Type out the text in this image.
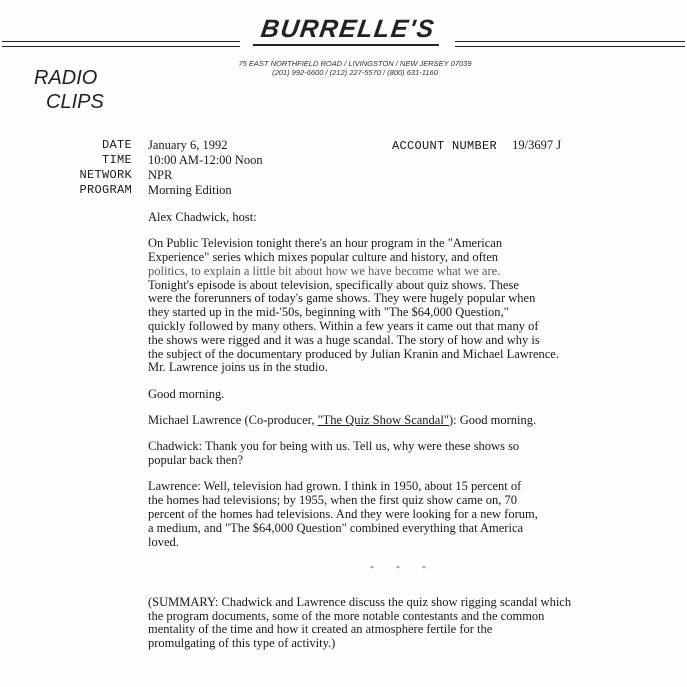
BURRELLE'S
75 EAST NORTHFIELD ROAD / LIVINGSTON / NEW JERSEY 07039
(201) 992-6600 / (212) 227-5570 / (800) 631-1160
RADIO
CLIPS
DATE January 6, 1992
TIME 10:00 AM-12:00 Noon
NETWORK NPR
PROGRAM Morning Edition
ACCOUNT NUMBER 19/3697 J

Alex Chadwick, host:

On Public Television tonight there's an hour program in the "American
Experience" series which mixes popular culture and history, and often
politics, to explain a little bit about how we have become what we are.
Tonight's episode is about television, specifically about quiz shows. These
were the forerunners of today's game shows. They were hugely popular when
they started up in the mid-'50s, beginning with "The $64,000 Question,"
quickly followed by many others. Within a few years it came out that many of
the shows were rigged and it was a huge scandal. The story of how and why is
the subject of the documentary produced by Julian Kranin and Michael Lawrence.
Mr. Lawrence joins us in the studio.

Good morning.

Michael Lawrence (Co-producer, "The Quiz Show Scandal"): Good morning.

Chadwick: Thank you for being with us. Tell us, why were these shows so
popular back then?

Lawrence: Well, television had grown. I think in 1950, about 15 percent of
the homes had televisions; by 1955, when the first quiz show came on, 70
percent of the homes had televisions. And they were looking for a new forum,
a medium, and "The $64,000 Question" combined everything that America
loved.

* * *

(SUMMARY: Chadwick and Lawrence discuss the quiz show rigging scandal which
the program documents, some of the more notable contestants and the common
mentality of the time and how it created an atmosphere fertile for the
promulgating of this type of activity.)
